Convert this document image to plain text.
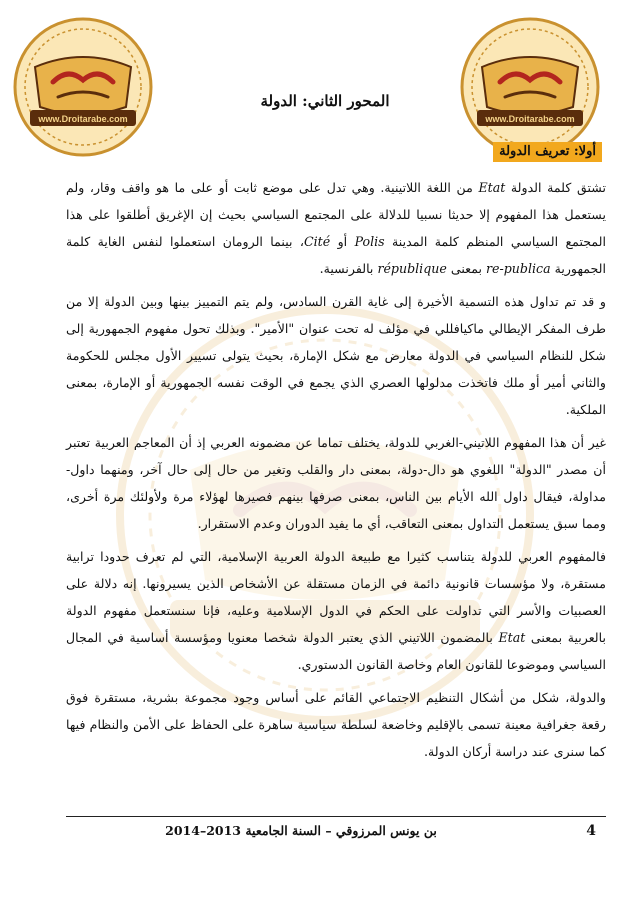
www.Droitarabe.com	www.Droitarabe.com
المحور الثاني: الدولة
أولا: تعريف الدولة

تشتق كلمة الدولة Etat من اللغة اللاتينية. وهي تدل على موضع ثابت أو على ما هو واقف وقار، ولم يستعمل هذا المفهوم إلا حديثا نسبيا للدلالة على المجتمع السياسي بحيث إن الإغريق أطلقوا على هذا المجتمع السياسي المنظم كلمة المدينة Polis أو Cité، بينما الرومان استعملوا لنفس الغاية كلمة الجمهورية re-publica بمعنى république بالفرنسية.

و قد تم تداول هذه التسمية الأخيرة إلى غاية القرن السادس، ولم يتم التمييز بينها وبين الدولة إلا من طرف المفكر الإيطالي ماكيافللي في مؤلف له تحت عنوان "الأمير". وبذلك تحول مفهوم الجمهورية إلى شكل للنظام السياسي في الدولة معارض مع شكل الإمارة، بحيث يتولى تسيير الأول مجلس للحكومة والثاني أمير أو ملك فاتخذت مدلولها العصري الذي يجمع في الوقت نفسه الجمهورية أو الإمارة، بمعنى الملكية.

غير أن هذا المفهوم اللاتيني-الغربي للدولة، يختلف تماما عن مضمونه العربي إذ أن المعاجم العربية تعتبر أن مصدر "الدولة" اللغوي هو دال-دولة، بمعنى دار والقلب وتغير من حال إلى حال آخر، ومنهما داول-مداولة، فيقال داول الله الأيام بين الناس، بمعنى صرفها بينهم فصيرها لهؤلاء مرة ولأولئك مرة أخرى، ومما سبق يستعمل التداول بمعنى التعاقب، أي ما يفيد الدوران وعدم الاستقرار.

فالمفهوم العربي للدولة يتناسب كثيرا مع طبيعة الدولة العربية الإسلامية، التي لم تعرف حدودا ترابية مستقرة، ولا مؤسسات قانونية دائمة في الزمان مستقلة عن الأشخاص الذين يسيرونها. إنه دلالة على العصبيات والأسر التي تداولت على الحكم في الدول الإسلامية وعليه، فإنا سنستعمل مفهوم الدولة بالعربية بمعنى Etat بالمضمون اللاتيني الذي يعتبر الدولة شخصا معنويا ومؤسسة أساسية في المجال السياسي وموضوعا للقانون العام وخاصة القانون الدستوري.

والدولة، شكل من أشكال التنظيم الاجتماعي القائم على أساس وجود مجموعة بشرية، مستقرة فوق رقعة جغرافية معينة تسمى بالإقليم وخاضعة لسلطة سياسية ساهرة على الحفاظ على الأمن والنظام فيها كما سنرى عند دراسة أركان الدولة.

بن يونس المرزوقي – السنة الجامعية 2013–2014	4
